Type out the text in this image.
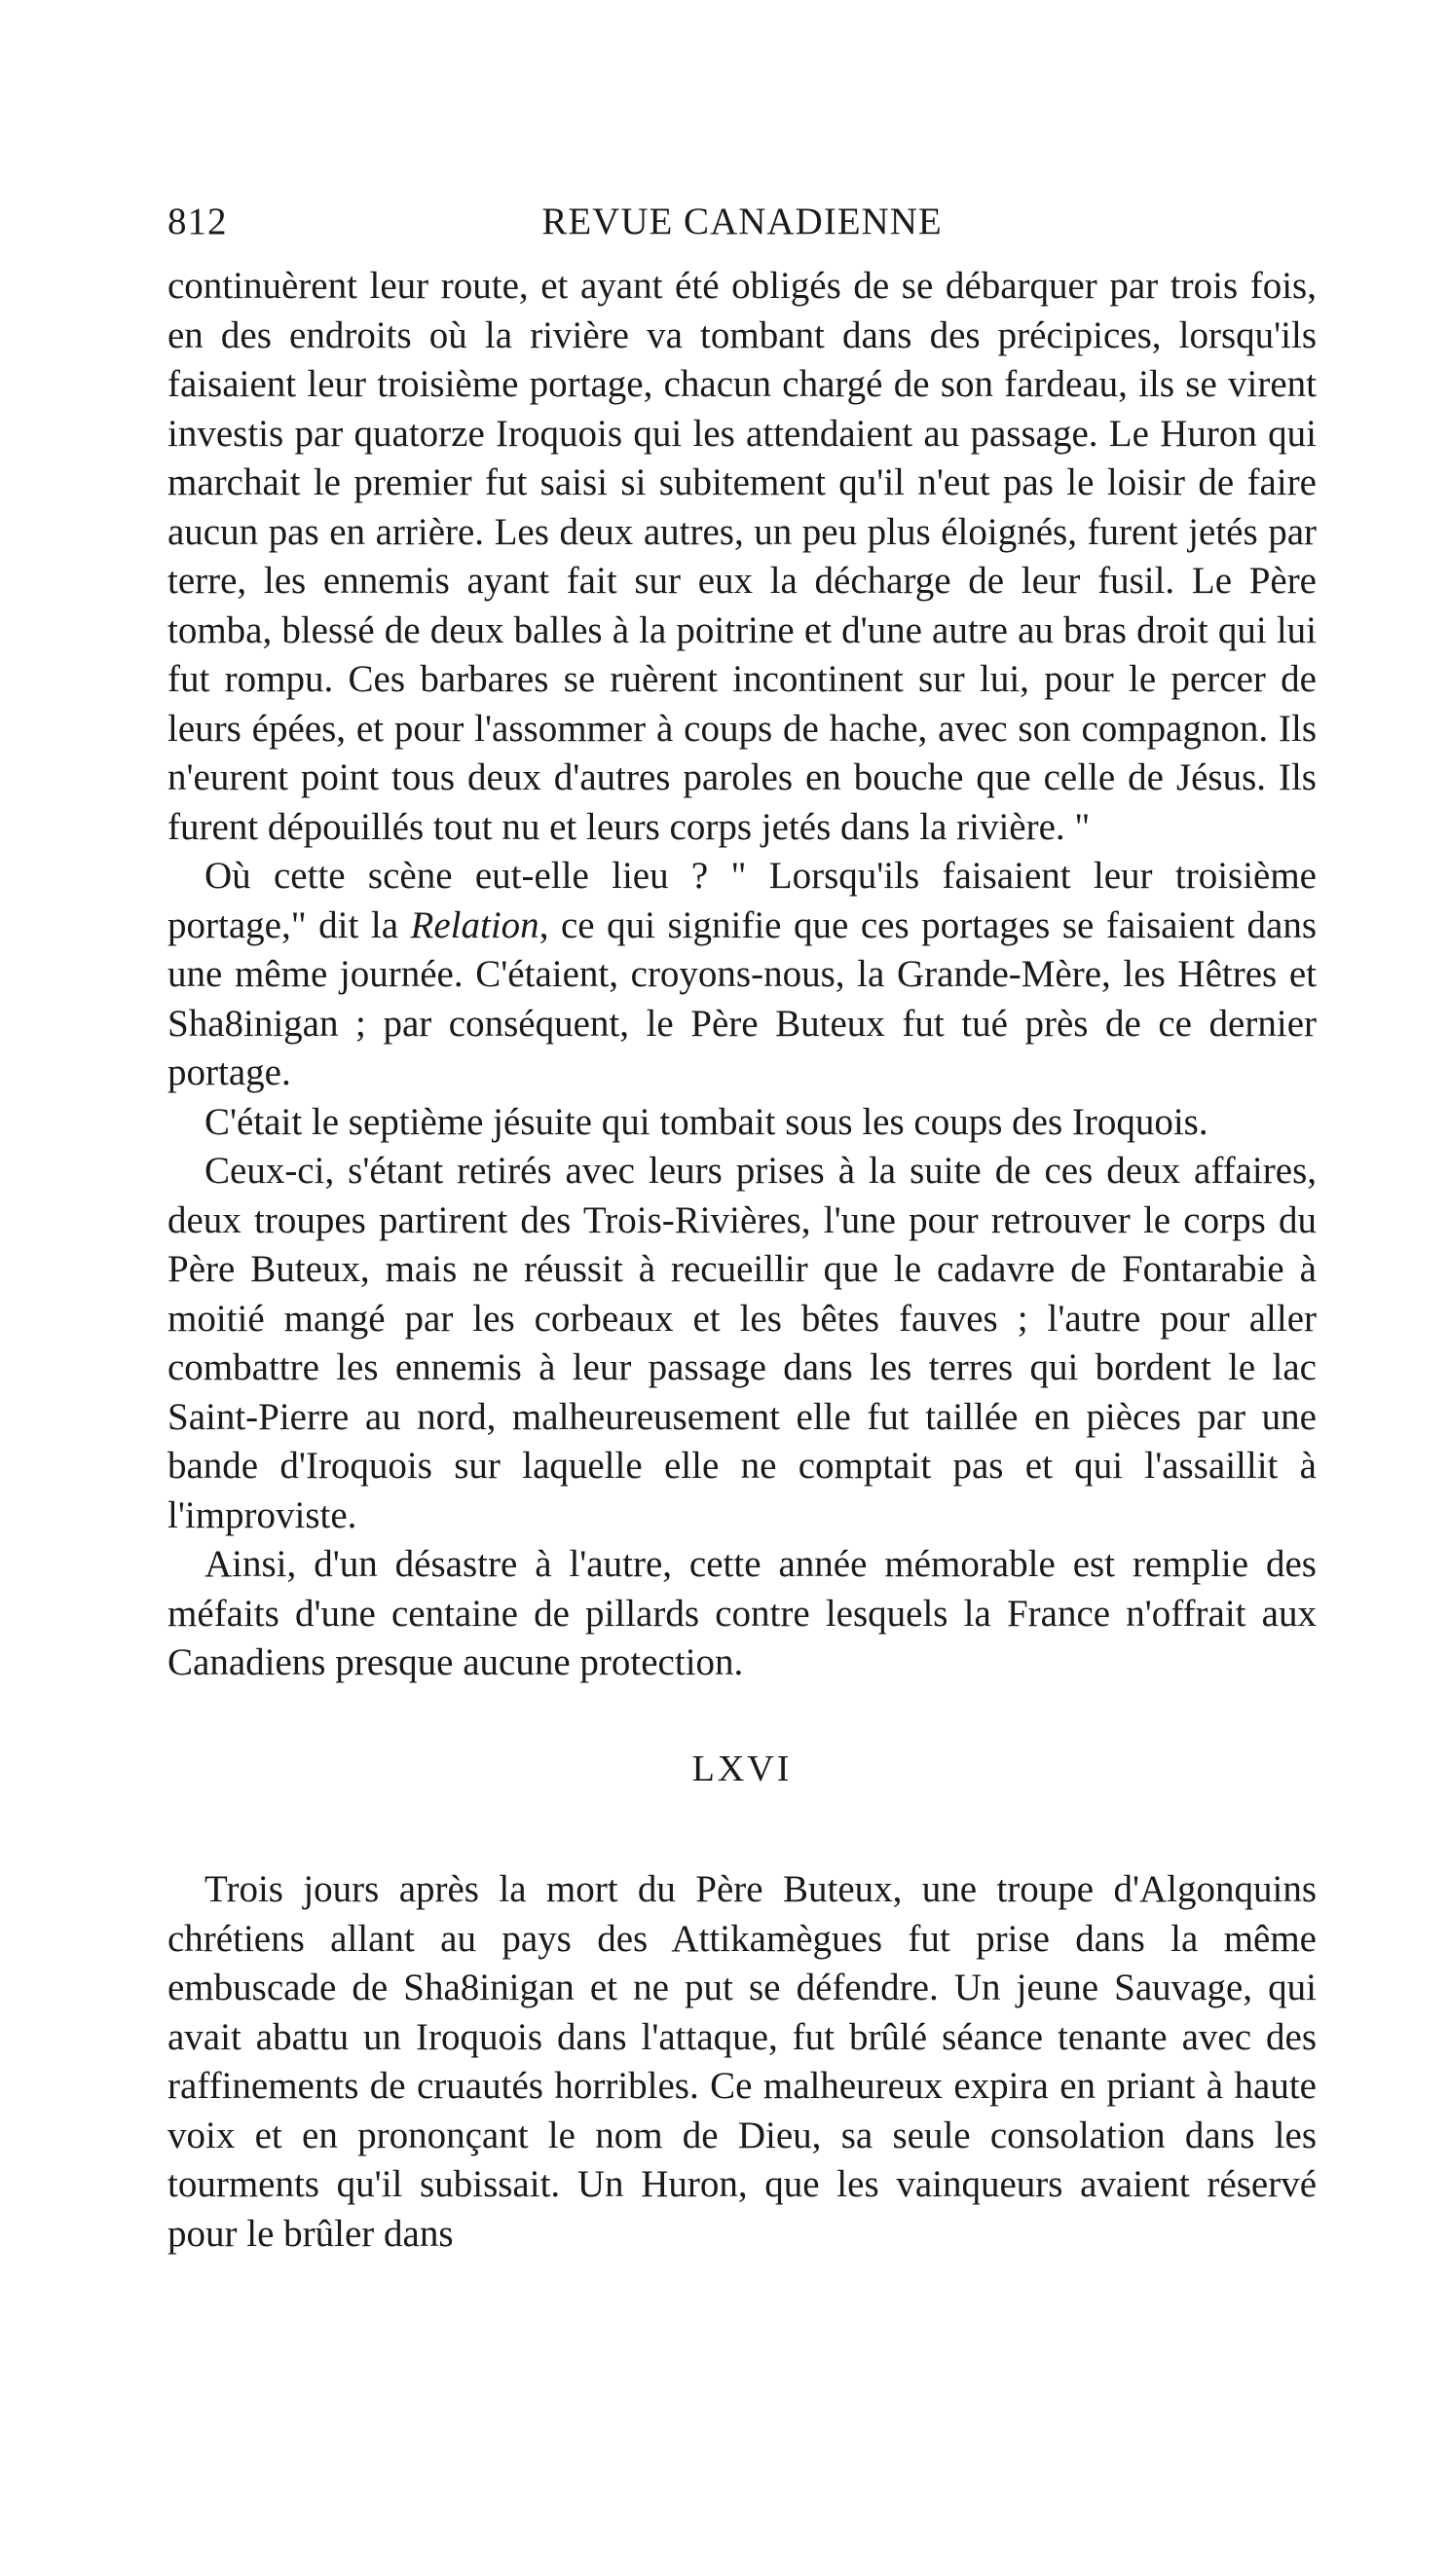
812	REVUE CANADIENNE

continuèrent leur route, et ayant été obligés de se débarquer par trois fois, en des endroits où la rivière va tombant dans des précipices, lorsqu'ils faisaient leur troisième portage, chacun chargé de son fardeau, ils se virent investis par quatorze Iroquois qui les attendaient au passage. Le Huron qui marchait le premier fut saisi si subitement qu'il n'eut pas le loisir de faire aucun pas en arrière. Les deux autres, un peu plus éloignés, furent jetés par terre, les ennemis ayant fait sur eux la décharge de leur fusil. Le Père tomba, blessé de deux balles à la poitrine et d'une autre au bras droit qui lui fut rompu. Ces barbares se ruèrent incontinent sur lui, pour le percer de leurs épées, et pour l'assommer à coups de hache, avec son compagnon. Ils n'eurent point tous deux d'autres paroles en bouche que celle de Jésus. Ils furent dépouillés tout nu et leurs corps jetés dans la rivière. "

Où cette scène eut-elle lieu ? " Lorsqu'ils faisaient leur troisième portage," dit la Relation, ce qui signifie que ces portages se faisaient dans une même journée. C'étaient, croyons-nous, la Grande-Mère, les Hêtres et Sha8inigan ; par conséquent, le Père Buteux fut tué près de ce dernier portage.

C'était le septième jésuite qui tombait sous les coups des Iroquois.

Ceux-ci, s'étant retirés avec leurs prises à la suite de ces deux affaires, deux troupes partirent des Trois-Rivières, l'une pour retrouver le corps du Père Buteux, mais ne réussit à recueillir que le cadavre de Fontarabie à moitié mangé par les corbeaux et les bêtes fauves ; l'autre pour aller combattre les ennemis à leur passage dans les terres qui bordent le lac Saint-Pierre au nord, malheureusement elle fut taillée en pièces par une bande d'Iroquois sur laquelle elle ne comptait pas et qui l'assaillit à l'improviste.

Ainsi, d'un désastre à l'autre, cette année mémorable est remplie des méfaits d'une centaine de pillards contre lesquels la France n'offrait aux Canadiens presque aucune protection.

LXVI

Trois jours après la mort du Père Buteux, une troupe d'Algonquins chrétiens allant au pays des Attikamègues fut prise dans la même embuscade de Sha8inigan et ne put se défendre. Un jeune Sauvage, qui avait abattu un Iroquois dans l'attaque, fut brûlé séance tenante avec des raffinements de cruautés horribles. Ce malheureux expira en priant à haute voix et en prononçant le nom de Dieu, sa seule consolation dans les tourments qu'il subissait. Un Huron, que les vainqueurs avaient réservé pour le brûler dans
